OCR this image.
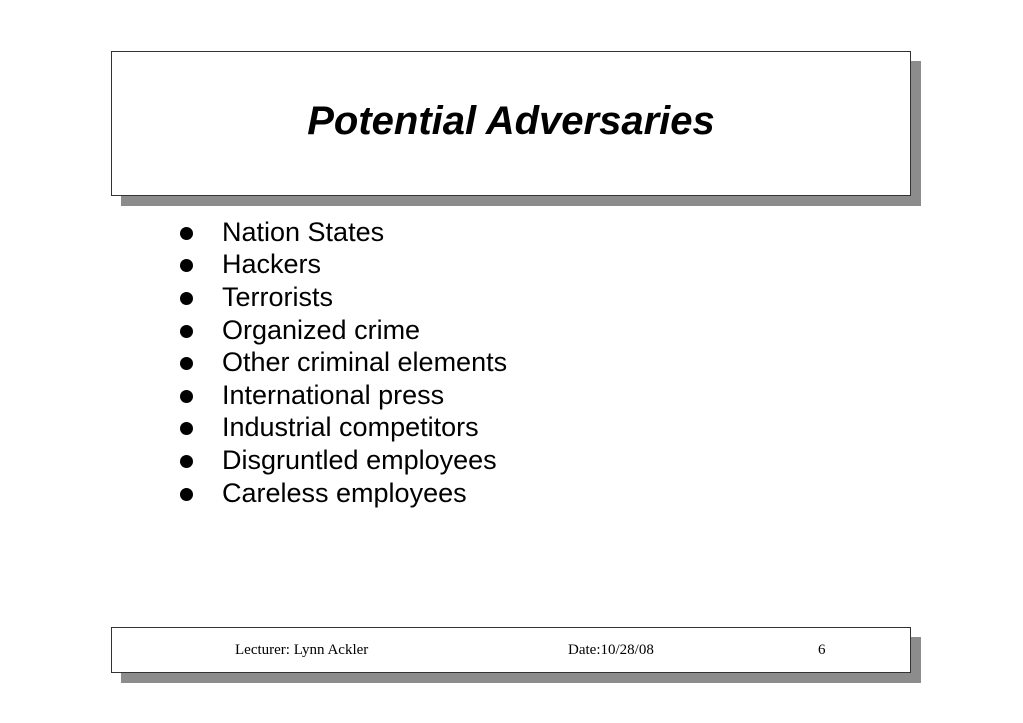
Potential Adversaries
Nation States
Hackers
Terrorists
Organized crime
Other criminal elements
International press
Industrial competitors
Disgruntled employees
Careless employees
Lecturer: Lynn Ackler	Date:10/28/08	6
